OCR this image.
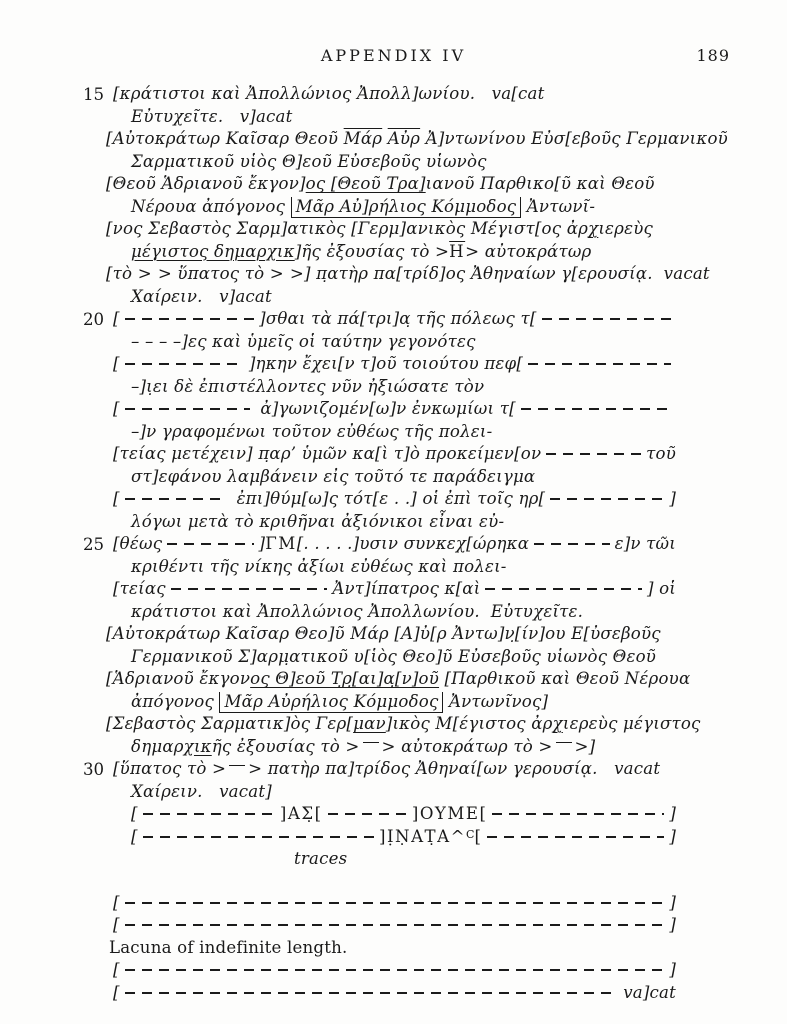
APPENDIX IV	189
15 [κράτιστοι καὶ Ἀπολλώνιος Ἀπολλ]ωνίου. va[cat
Εὐτυχεῖτε. v]acat
[Αὐτοκράτωρ Καῖσαρ Θεοῦ $\overline{Mά\rho}$
$\overline{Aὐ\rho}$ Ἀ]ντωνίνου Εὐσ[εβοῦς Γερμανικοῦ
Σαρματικοῦ υἱὸς Θ]εοῦ Εὐσεβοῦς υἱωνὸς
[Θεοῦ Ἁδριανοῦ ἔκγον] ος [Θεοῦ Τρα] ιανοῦ Παρθικο[ῦ καὶ Θεοῦ
Νέρουα ἀπόγονος Μᾶρ Αὐ]ρήλιος Κόμμοδος Ἀντωνῖ-
[νος Σεβαστὸς Σαρμ]ατικὸς [Γερμ]ανικὸς Μέγιστ[ος ἀρ χ ιερεὺς
μέγιστος δημαρχικ ]ῆς ἐξουσίας τὸ > $\overline{H}$ > αὐτοκράτωρ
[τὸ > > ὕπατος τὸ > >] π̣ατὴρ πα[τρίδ]ος Ἀθηναίων γ[ερουσίᾳ. vacat
Χαίρειν. v]acat
20 [	]σθαι τὰ πά[τρι]α̣ τῆς πόλεως τ[
– – – –]ες καὶ ὑμεῖς οἱ ταύτην γεγονότες
[	]ηκην ἔχει[ν τ]οῦ τοιούτου πεφ[
–]ι̣ει δὲ ἐπιστέλλοντες νῦν ἠξιώσατε τὸν
[	ἀ]γωνιζομέν[ω]ν ἐνκωμίωι τ[
–]ν γραφομένωι τοῦτον εὐθέως τῆς πολει-
[τείας μετέχειν] π̣αρ’ ὑμῶν κα[ὶ τ]ὸ προκείμεν[ον	τοῦ
στ]εφάνου λαμβάνειν εἰς τοῦτό τε παράδειγμα
[	ἐπι]θύμ[ω]ς τότ[ε . .] οἱ ἐπὶ τοῖς ηρ[	]
λόγωι μετὰ τὸ κριθῆναι ἀξιόνικοι εἶναι εὐ-
25 [θέως	] ΓΜ [. . . . .]υσιν συνκεχ[ώρηκα	ε]ν τῶι
κριθέντι τῆς νίκης ἀξίωι εὐθέως καὶ πολει-
[τείας	Ἀντ]ίπατρος κ[αὶ	] οἱ
κράτιστοι καὶ Ἀπολλώνιος Ἀπολλωνίου.  Εὐτυχεῖτε.
[Αὐτοκράτωρ Καῖσαρ Θεο]ῦ Μάρ [Α]ὐ[ρ Ἀντω]ν̣[ίν]ου Ε[ὐσεβοῦς
Γερμανικοῦ Σ]αρμ̣ατικοῦ υ[ἱὸς Θεο]ῦ Εὐσεβοῦς υἱωνὸς Θεοῦ
[Ἁδριανοῦ ἔκγον ος Θ]εοῦ Τ̣ρ̣[αι]α̣[ν]οῦ [Παρθικοῦ καὶ Θεοῦ Νέρουα
ἀπόγονος Μᾶρ Αὐρήλιος Κόμμοδος Ἀντωνῖνος]
[Σεβαστὸς Σαρματικ]ὸς Γερ[ μαν ]ικὸς Μ[έγιστος ἀρ χ ιερεὺς μέγιστος
δημαρχ ικ ῆς ἐξουσίας τὸ > > αὐτοκράτωρ τὸ > >]
30 [ὕπατος τὸ > > πατὴρ πα]τρίδος Ἀθηναί[ων γερουσίᾳ. vacat
Χαίρειν. vacat]
[	]ΑΣ̣[	]ΟΥΜΕ[	]
[	]ỊṆΑΤ̣Α^ Ϲ [	]
traces
[	]
[	]
Lacuna of indefinite length.
[	]
[
	va]cat
